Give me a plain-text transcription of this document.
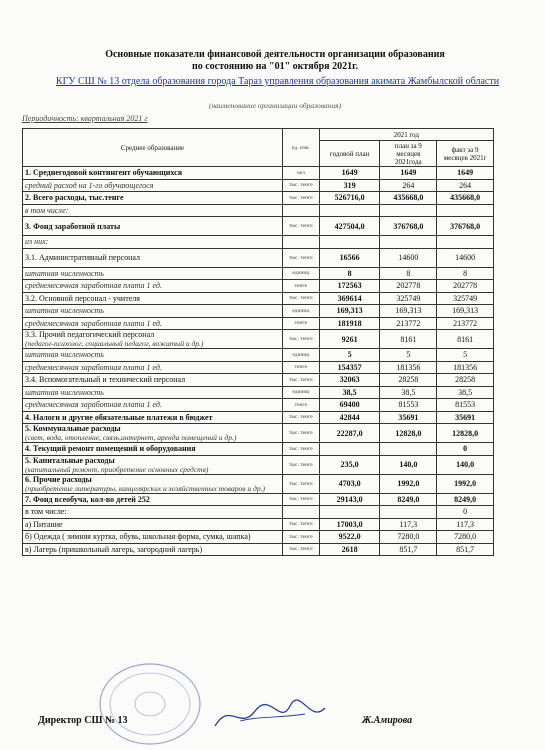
Основные показатели финансовой деятельности организации образования
по состоянию на "01" октября 2021г.
КГУ СШ № 13 отдела образования города Тараз управления образования акимата Жамбылской области
(наименование организации образования)
Периодичность: квартальная 2021 г
Среднее образование	ед. изм.	2021 год		
		годовой план	план за 9 месяцев 2021года	факт за 9 месяцев 2021г
1. Среднегодовой контингент обучающихся	чел	1649	1649	1649
средний расход на 1-го обучающегося	тыс. тенге	319	264	264
2. Всего расходы, тыс.тенге	тыс. тенге	526716,0	435668,0	435668,0
в том числе:				
3. Фонд заработной платы	тыс. тенге	427504,0	376768,0	376768,0
из них:				
3.1. Административный персонал	тыс. тенге	16566	14600	14600
штатная численность	единиц	8	8	8
среднемесячная заработная плата 1 ед.	тенге	172563	202778	202778
3.2. Основной персонал - учителя	тыс. тенге	369614	325749	325749
штатная численность	единиц	169,313	169,313	169,313
среднемесячная заработная плата 1 ед.	тенге	181918	213772	213772
3.3. Прочий педагогический персонал
(педагог-психолог, социальный педагог, вожатый и др.)	тыс. тенге	9261	8161	8161
штатная численность	единиц	5	5	5
среднемесячная заработная плата 1 ед.	тенге	154357	181356	181356
3.4. Вспомогательный и технический персонал	тыс. тенге	32063	28258	28258
штатная численность	единиц	38,5	38,5	38,5
среднемесячная заработная плата 1 ед.	тенге	69400	81553	81553
4. Налоги и другие обязательные платежи в бюджет	тыс. тенге	42844	35691	35691
5. Коммунальные расходы
(свет, вода, отопление, связь,интернет, аренда помещений и др.)	тыс. тенге	22287,0	12828,0	12828,0
4. Текущий ремонт помещений и оборудования	тыс. тенге			0
5. Капитальные расходы
(капитальный ремонт, приобретение основных средств)	тыс. тенге	235,0	140,0	140,0
6. Прочие расходы
(приобретение литературы, канцелярских и хозяйственных товаров и др.)	тыс. тенге	4703,0	1992,0	1992,0
7. Фонд всеобуча, кол-во детей 252	тыс. тенге	29143,0	8249,0	8249,0
в том числе:				0
а) Питание	тыс. тенге	17003,0	117,3	117,3
б) Одежда ( зимняя куртка, обувь, школьная форма, сумка, шапка)	тыс. тенге	9522,0	7280,0	7280,0
в) Лагерь (пришкольный лагерь, загородний лагерь)	тыс. тенге	2618	851,7	851,7
Директор СШ № 13	Ж.Амирова
